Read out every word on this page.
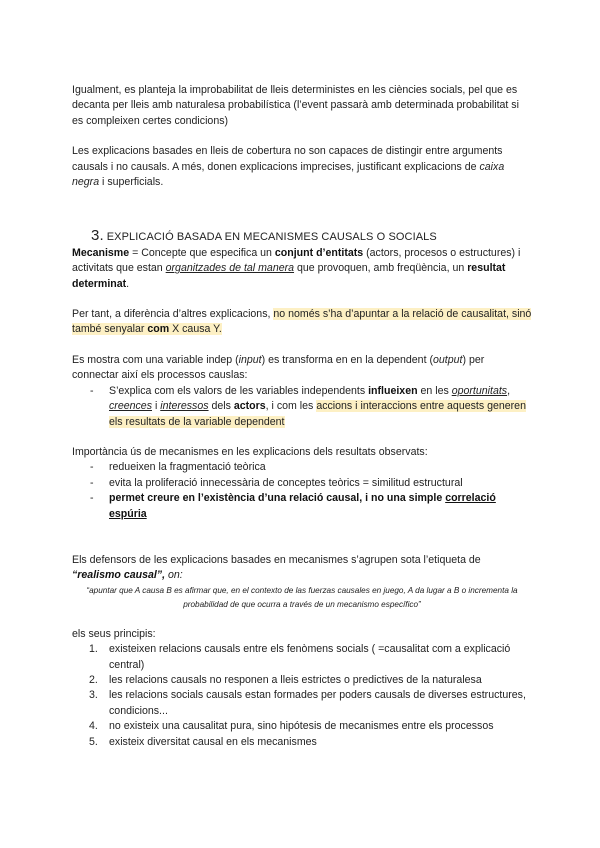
Igualment, es planteja la improbabilitat de lleis deterministes en les ciències socials, pel que es decanta per lleis amb naturalesa probabilística (l’event passarà amb determinada probabilitat si es compleixen certes condicions)

Les explicacions basades en lleis de cobertura no son capaces de distingir entre arguments causals i no causals. A més, donen explicacions imprecises, justificant explicacions de caixa negra i superficials.

3. EXPLICACIÓ BASADA EN MECANISMES CAUSALS O SOCIALS

Mecanisme = Concepte que especifica un conjunt d’entitats (actors, procesos o estructures) i activitats que estan organitzades de tal manera que provoquen, amb freqüència, un resultat determinat.

Per tant, a diferència d’altres explicacions, no només s’ha d’apuntar a la relació de causalitat, sinó també senyalar com X causa Y.

Es mostra com una variable indep (input) es transforma en en la dependent (output) per connectar així els processos causlas:

- S’explica com els valors de les variables independents influeixen en les oportunitats, creences i interessos dels actors, i com les accions i interaccions entre aquests generen els resultats de la variable dependent

Importància ús de mecanismes en les explicacions dels resultats observats:

- redueixen la fragmentació teòrica
- evita la proliferació innecessària de conceptes teòrics = similitud estructural
- permet creure en l’existència d’una relació causal, i no una simple correlació espúria

Els defensors de les explicacions basades en mecanismes s’agrupen sota l’etiqueta de “realismo causal”, on:

“apuntar que A causa B es afirmar que, en el contexto de las fuerzas causales en juego, A da lugar a B o incrementa la probabilidad de que ocurra a través de un mecanismo específico”

els seus principis:

1. existeixen relacions causals entre els fenòmens socials ( =causalitat com a explicació central)
2. les relacions causals no responen a lleis estrictes o predictives de la naturalesa
3. les relacions socials causals estan formades per poders causals de diverses estructures, condicions...
4. no existeix una causalitat pura, sino hipótesis de mecanismes entre els processos
5. existeix diversitat causal en els mecanismes
